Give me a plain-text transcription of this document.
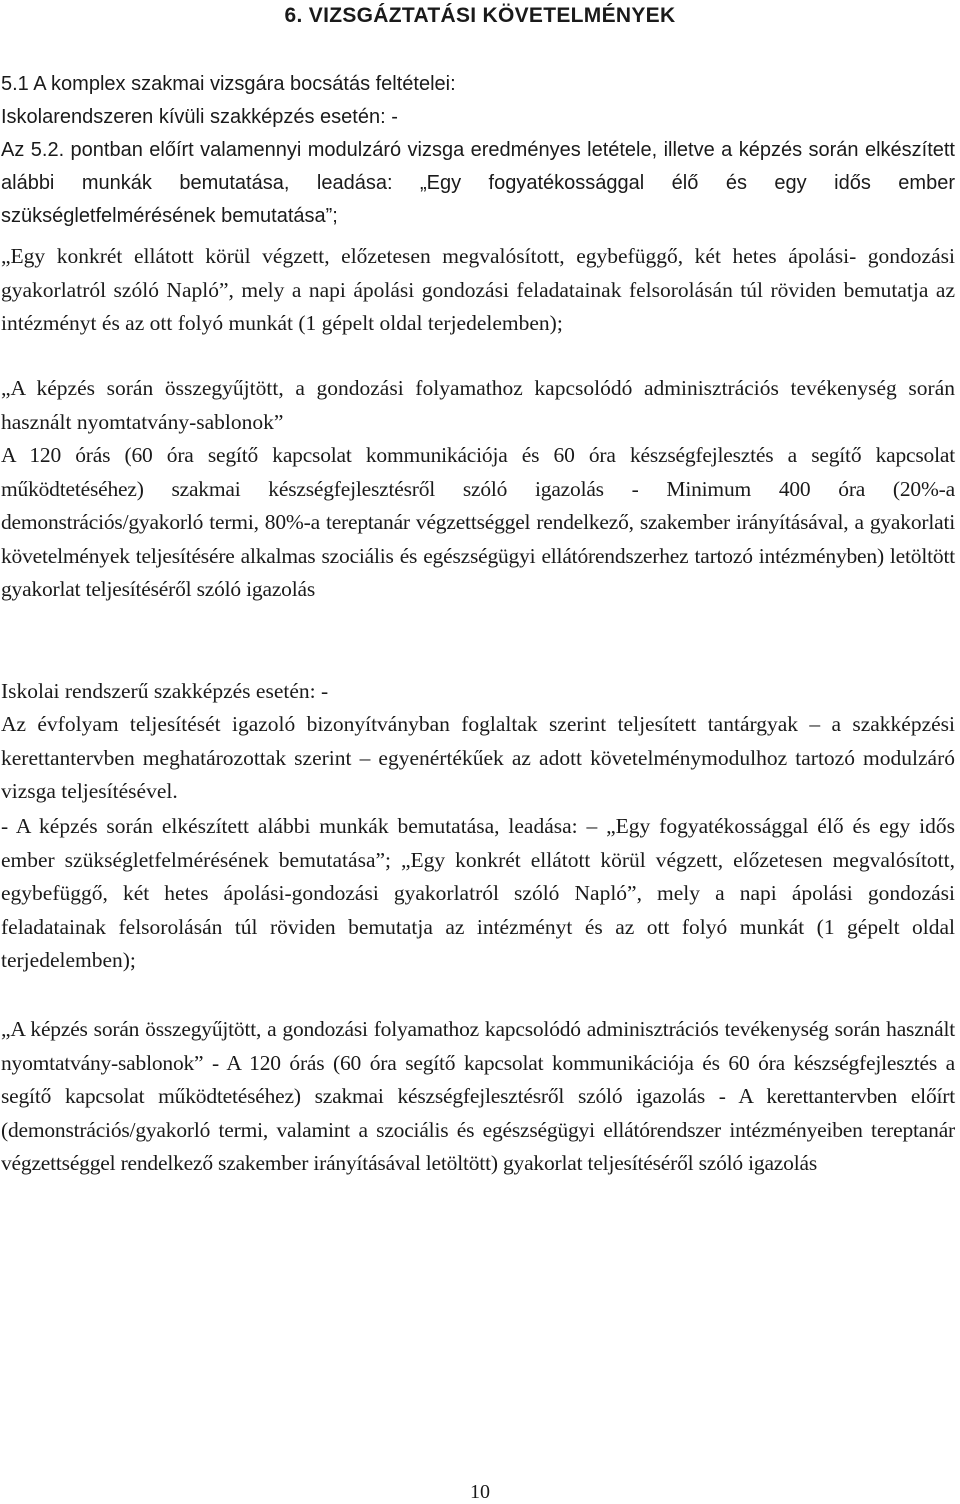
6. VIZSGÁZTATÁSI KÖVETELMÉNYEK

5.1 A komplex szakmai vizsgára bocsátás feltételei:

Iskolarendszeren kívüli szakképzés esetén: -

Az 5.2. pontban előírt valamennyi modulzáró vizsga eredményes letétele, illetve a képzés során elkészített alábbi munkák bemutatása, leadása: „Egy fogyatékossággal élő és egy idős ember szükségletfelmérésének bemutatása”;

„Egy konkrét ellátott körül végzett, előzetesen megvalósított, egybefüggő, két hetes ápolási- gondozási gyakorlatról szóló Napló”, mely a napi ápolási gondozási feladatainak felsorolásán túl röviden bemutatja az intézményt és az ott folyó munkát (1 gépelt oldal terjedelemben);

„A képzés során összegyűjtött, a gondozási folyamathoz kapcsolódó adminisztrációs tevékenység során használt nyomtatvány-sablonok”

A 120 órás (60 óra segítő kapcsolat kommunikációja és 60 óra készségfejlesztés a segítő kapcsolat működtetéséhez) szakmai készségfejlesztésről szóló igazolás - Minimum 400 óra (20%-a demonstrációs/gyakorló termi, 80%-a tereptanár végzettséggel rendelkező, szakember irányításával, a gyakorlati követelmények teljesítésére alkalmas szociális és egészségügyi ellátórendszerhez tartozó intézményben) letöltött gyakorlat teljesítéséről szóló igazolás

Iskolai rendszerű szakképzés esetén: -

Az évfolyam teljesítését igazoló bizonyítványban foglaltak szerint teljesített tantárgyak – a szakképzési kerettantervben meghatározottak szerint – egyenértékűek az adott követelménymodulhoz tartozó modulzáró vizsga teljesítésével.

- A képzés során elkészített alábbi munkák bemutatása, leadása: – „Egy fogyatékossággal élő és egy idős ember szükségletfelmérésének bemutatása”; „Egy konkrét ellátott körül végzett, előzetesen megvalósított, egybefüggő, két hetes ápolási-gondozási gyakorlatról szóló Napló”, mely a napi ápolási gondozási feladatainak felsorolásán túl röviden bemutatja az intézményt és az ott folyó munkát (1 gépelt oldal terjedelemben);

„A képzés során összegyűjtött, a gondozási folyamathoz kapcsolódó adminisztrációs tevékenység során használt nyomtatvány-sablonok” - A 120 órás (60 óra segítő kapcsolat kommunikációja és 60 óra készségfejlesztés a segítő kapcsolat működtetéséhez) szakmai készségfejlesztésről szóló igazolás - A kerettantervben előírt (demonstrációs/gyakorló termi, valamint a szociális és egészségügyi ellátórendszer intézményeiben tereptanár végzettséggel rendelkező szakember irányításával letöltött) gyakorlat teljesítéséről szóló igazolás

10
